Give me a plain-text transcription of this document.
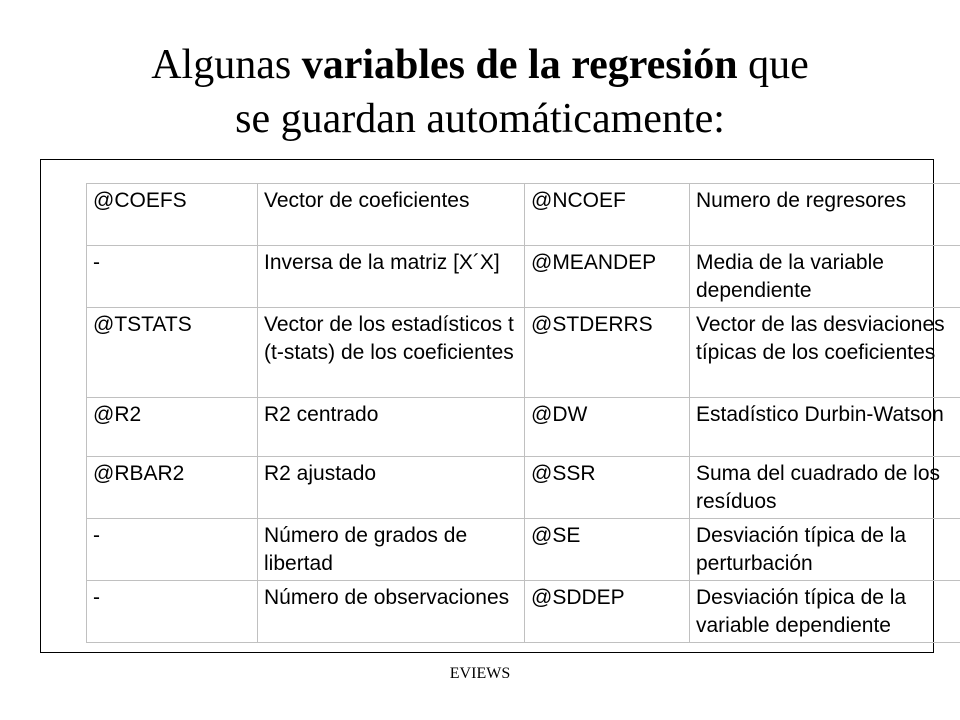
Algunas variables de la regresión que
se guardan automáticamente:
@COEFS	Vector de coeficientes	@NCOEF	Numero de regresores
-	Inversa de la matriz [X´X]	@MEANDEP	Media de la variable dependiente
@TSTATS	Vector de los estadísticos t (t-stats) de los coeficientes	@STDERRS	Vector de las desviaciones típicas de los coeficientes
@R2	R2 centrado	@DW	Estadístico Durbin-Watson
@RBAR2	R2 ajustado	@SSR	Suma del cuadrado de los resíduos
-	Número de grados de libertad	@SE	Desviación típica de la perturbación
-	Número de observaciones	@SDDEP	Desviación típica de la variable dependiente
EVIEWS
